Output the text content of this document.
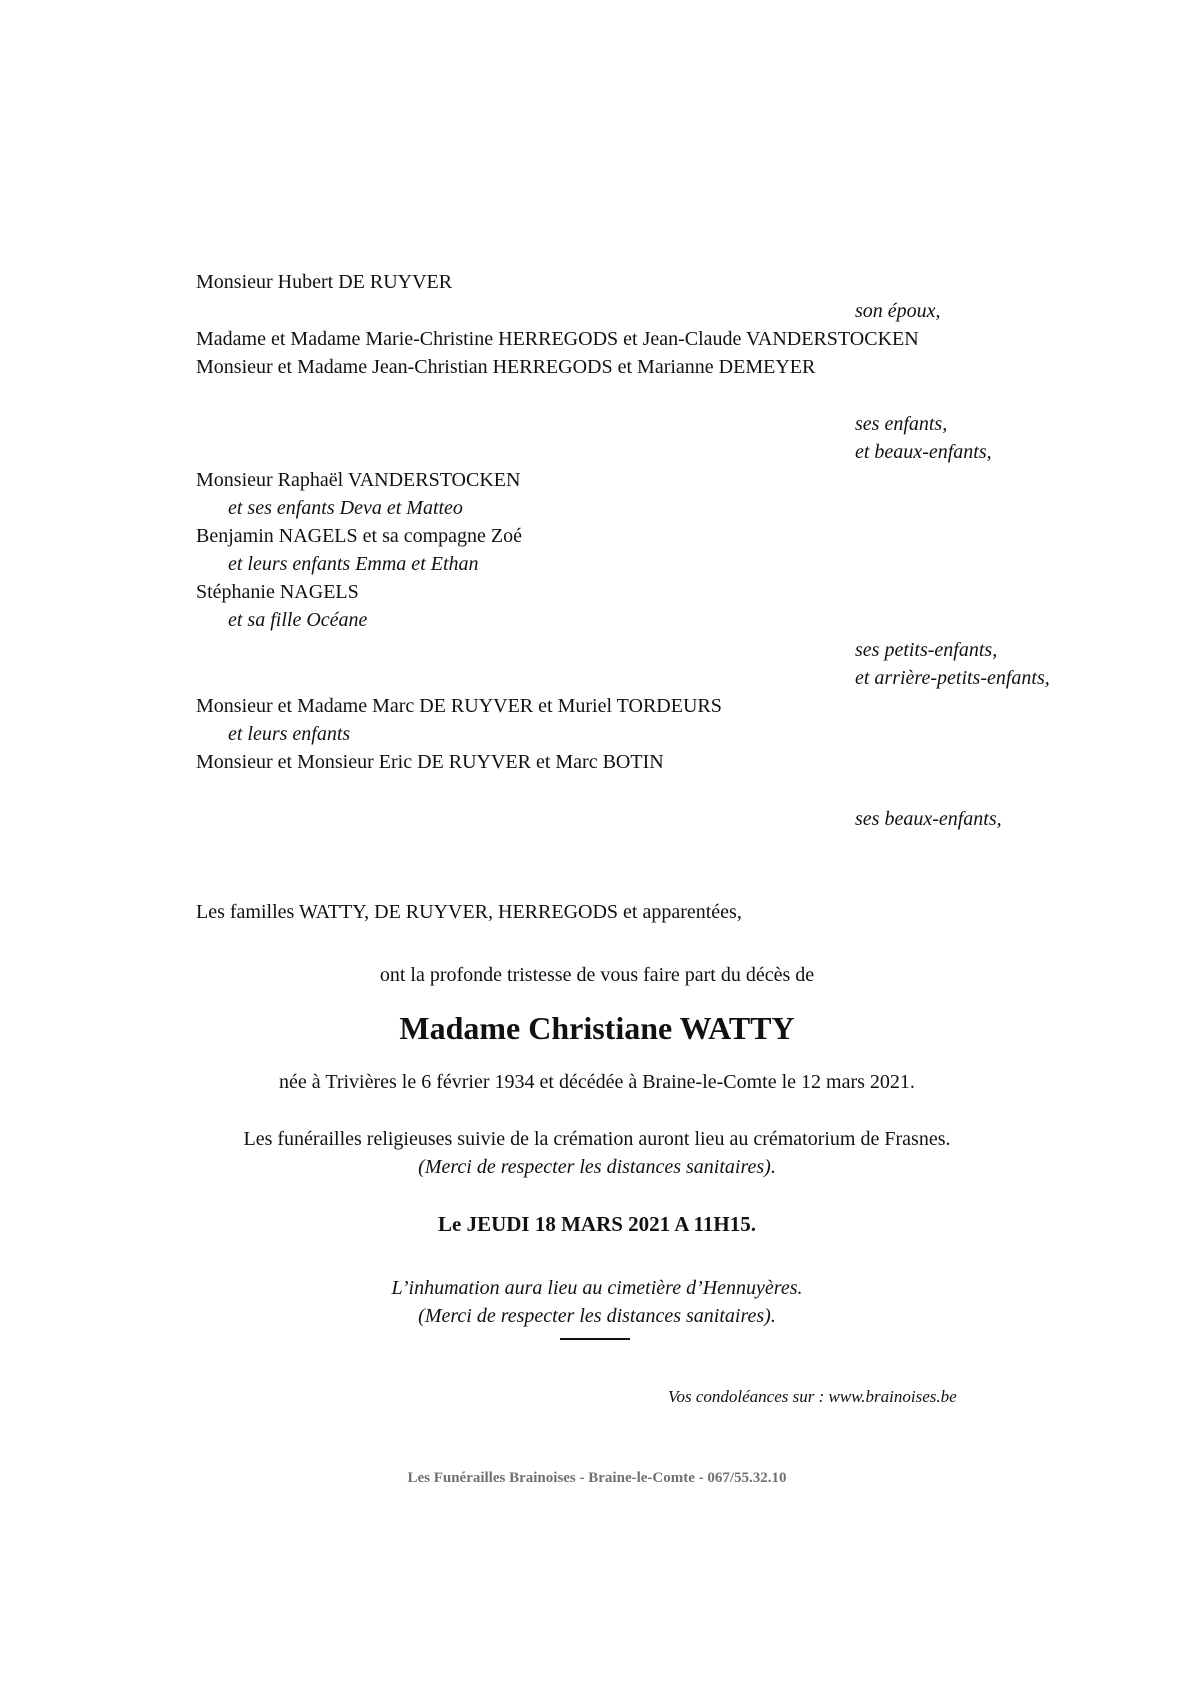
Monsieur Hubert DE RUYVER
son époux,
Madame et Madame Marie-Christine HERREGODS et Jean-Claude VANDERSTOCKEN
Monsieur et Madame Jean-Christian HERREGODS et Marianne DEMEYER
ses enfants,
et beaux-enfants,
Monsieur Raphaël VANDERSTOCKEN
et ses enfants Deva et Matteo
Benjamin NAGELS et sa compagne Zoé
et leurs enfants Emma et Ethan
Stéphanie NAGELS
et sa fille Océane
ses petits-enfants,
et arrière-petits-enfants,
Monsieur et Madame Marc DE RUYVER et Muriel TORDEURS
et leurs enfants
Monsieur et Monsieur Eric DE RUYVER et Marc BOTIN
ses beaux-enfants,
Les familles WATTY, DE RUYVER, HERREGODS et apparentées,
ont la profonde tristesse de vous faire part du décès de
Madame Christiane WATTY
née à Trivières le 6 février 1934 et décédée à Braine-le-Comte le 12 mars 2021.
Les funérailles religieuses suivie de la crémation auront lieu au crématorium de Frasnes.
(Merci de respecter les distances sanitaires).
Le JEUDI 18 MARS 2021 A 11H15.
L’inhumation aura lieu au cimetière d’Hennuyères.
(Merci de respecter les distances sanitaires).
Vos condoléances sur : www.brainoises.be
Les Funérailles Brainoises - Braine-le-Comte - 067/55.32.10
